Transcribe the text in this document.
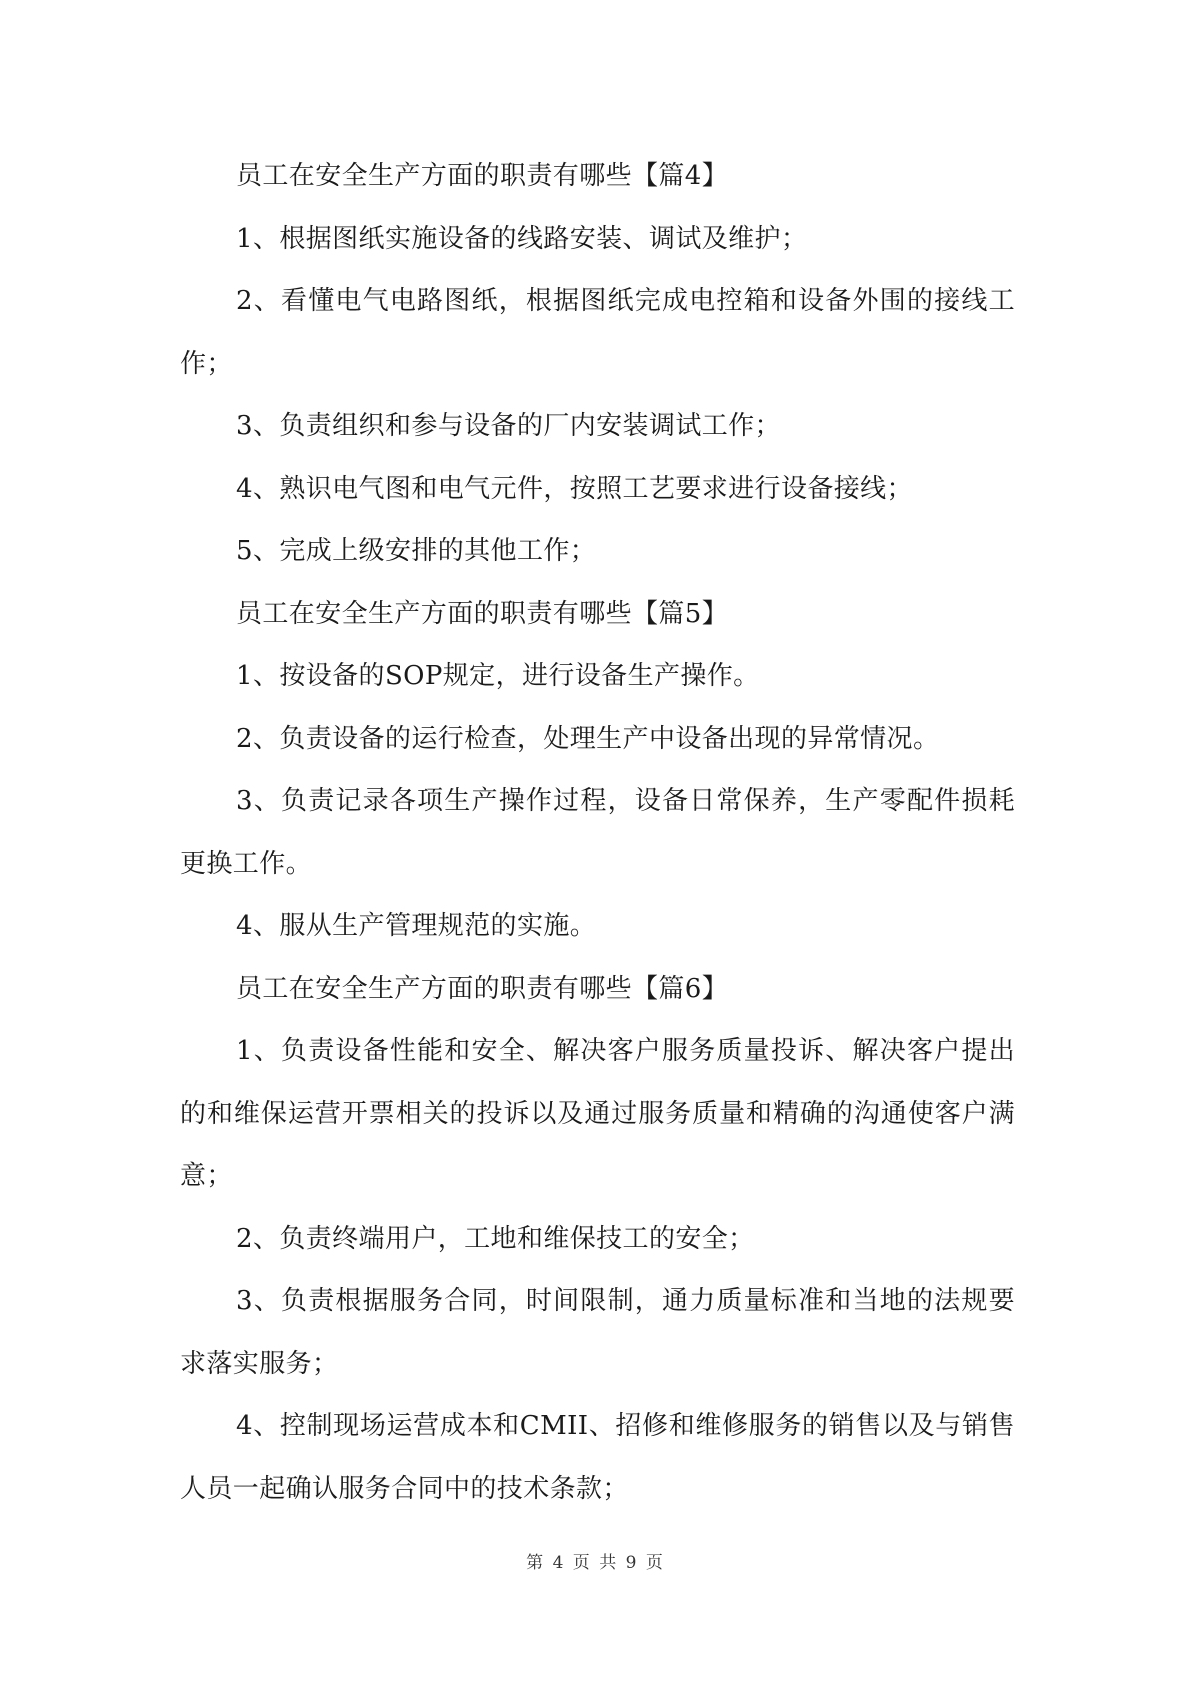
员工在安全生产方面的职责有哪些【篇4】

1、根据图纸实施设备的线路安装、调试及维护；

2、看懂电气电路图纸，根据图纸完成电控箱和设备外围的接线工作；

3、负责组织和参与设备的厂内安装调试工作；

4、熟识电气图和电气元件，按照工艺要求进行设备接线；

5、完成上级安排的其他工作；

员工在安全生产方面的职责有哪些【篇5】

1、按设备的SOP规定，进行设备生产操作。

2、负责设备的运行检查，处理生产中设备出现的异常情况。

3、负责记录各项生产操作过程，设备日常保养，生产零配件损耗更换工作。

4、服从生产管理规范的实施。

员工在安全生产方面的职责有哪些【篇6】

1、负责设备性能和安全、解决客户服务质量投诉、解决客户提出的和维保运营开票相关的投诉以及通过服务质量和精确的沟通使客户满意；

2、负责终端用户，工地和维保技工的安全；

3、负责根据服务合同，时间限制，通力质量标准和当地的法规要求落实服务；

4、控制现场运营成本和CMII、招修和维修服务的销售以及与销售人员一起确认服务合同中的技术条款；

第 4 页 共 9 页
